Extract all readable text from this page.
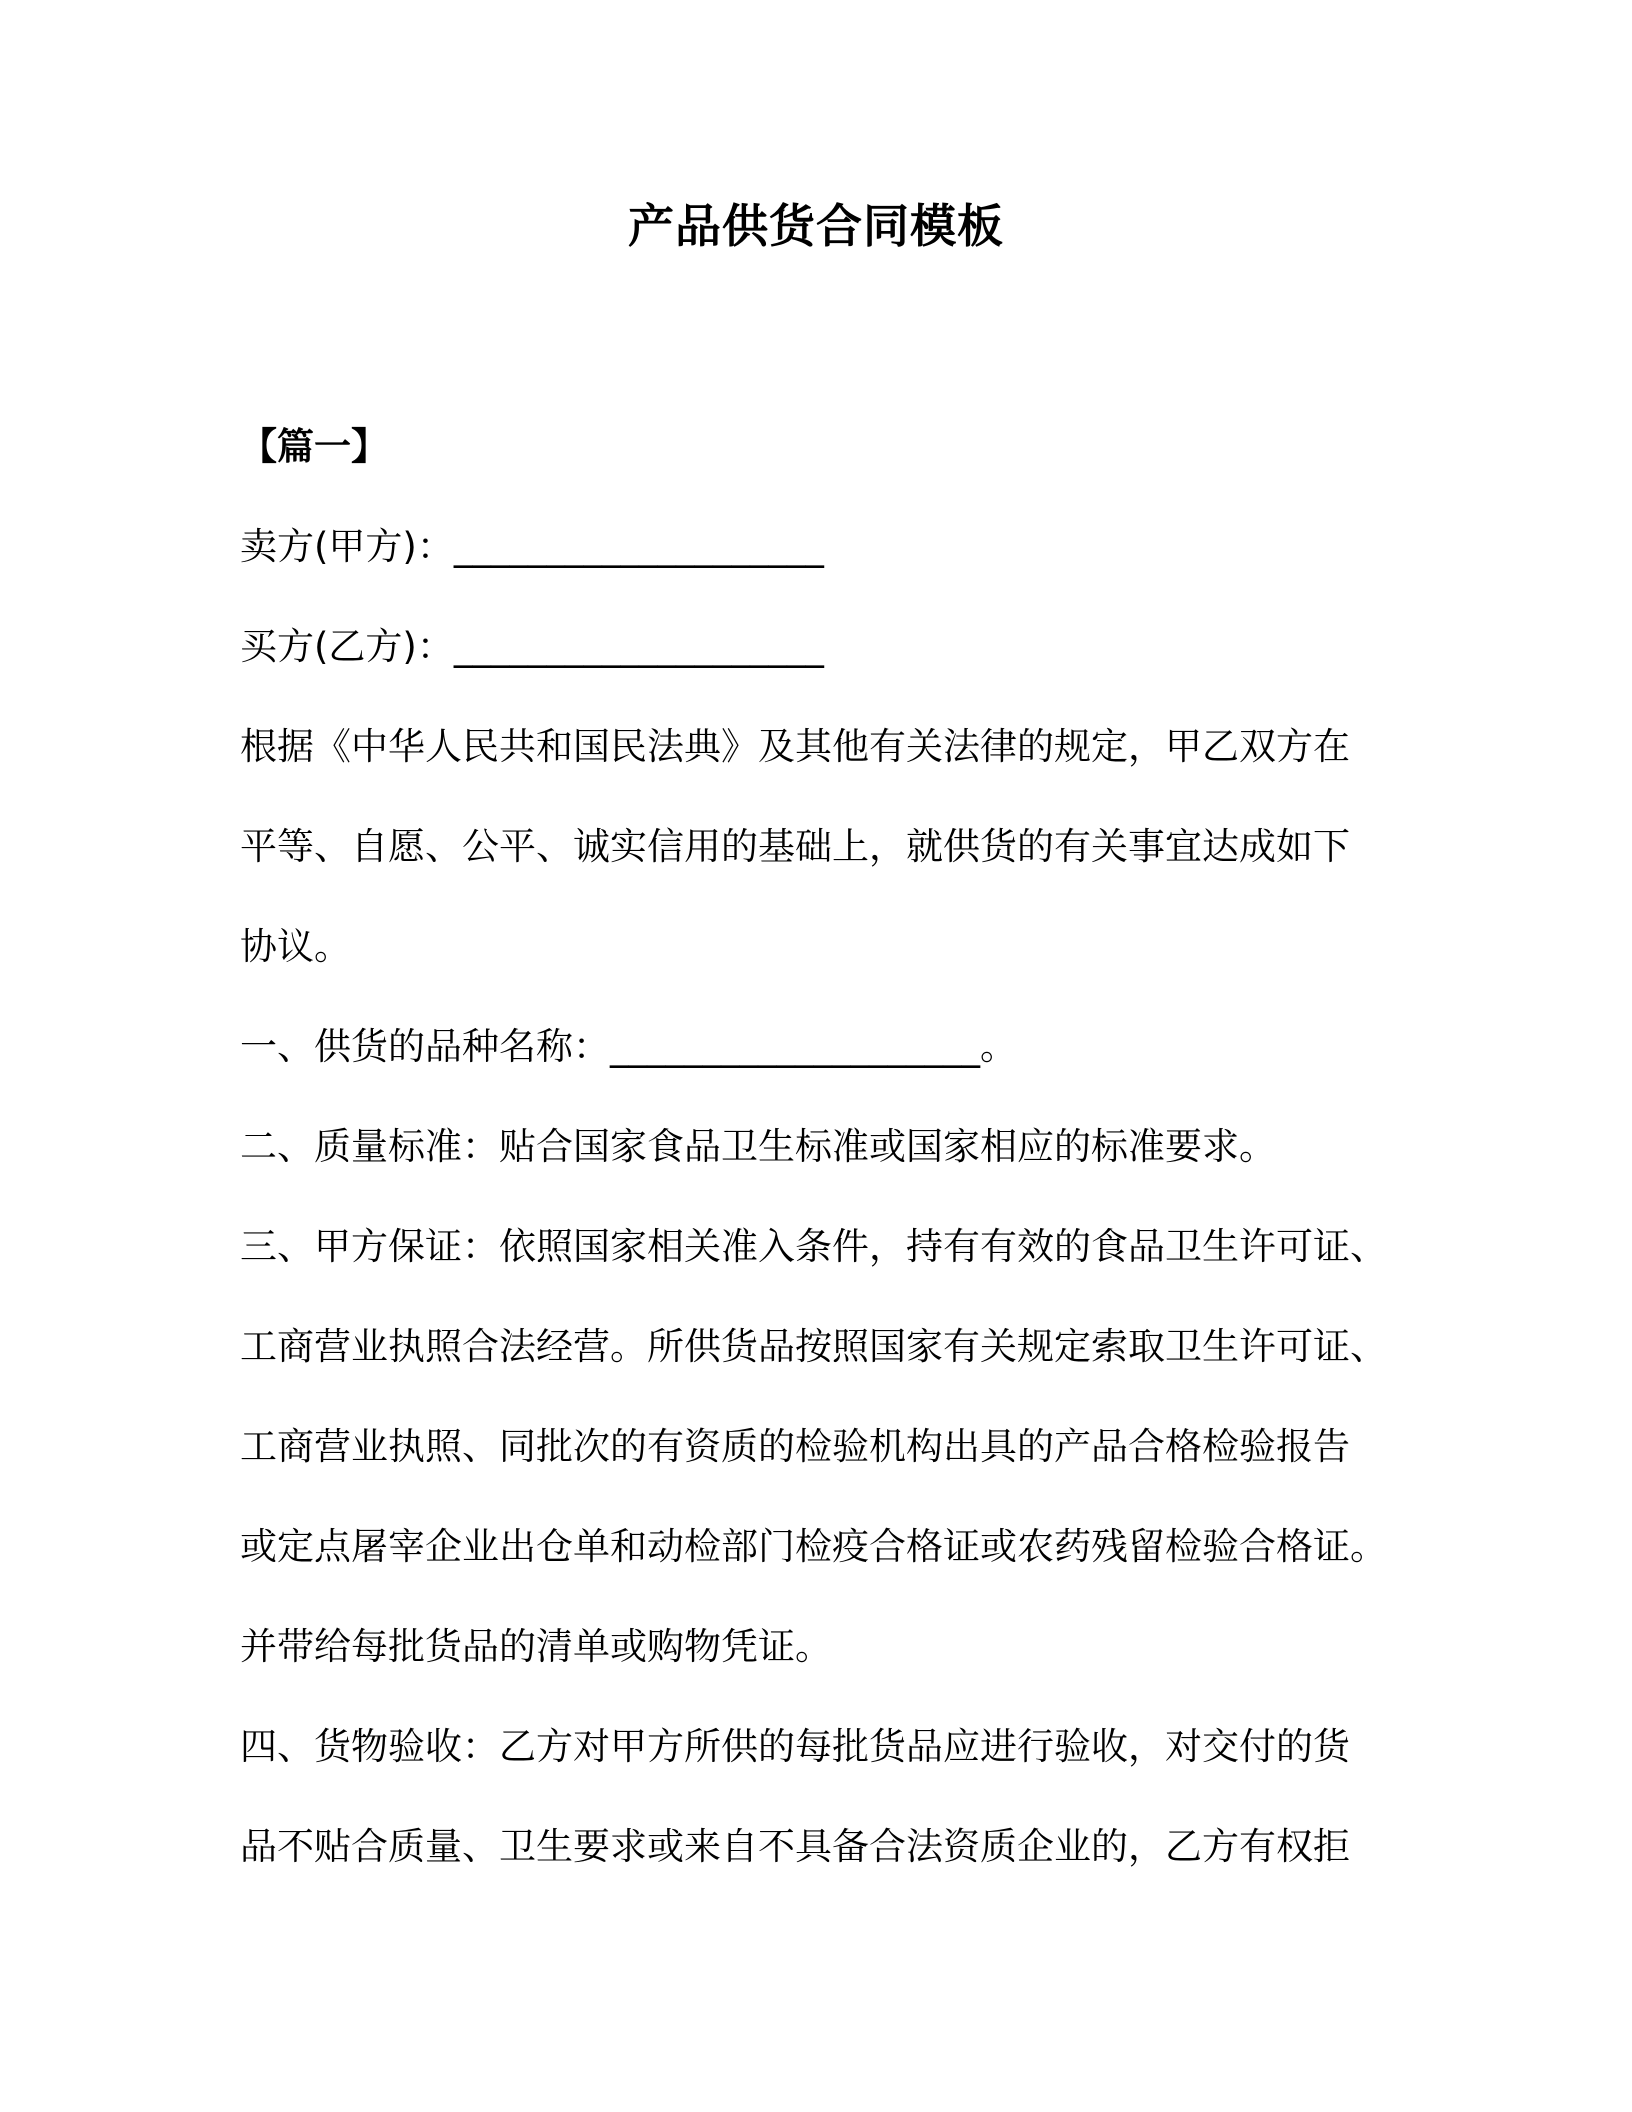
产品供货合同模板
【篇一】
卖方(甲方)：____________________
买方(乙方)：____________________
根据《中华人民共和国民法典》及其他有关法律的规定，甲乙双方在
平等、自愿、公平、诚实信用的基础上，就供货的有关事宜达成如下
协议。
一、供货的品种名称：____________________。
二、质量标准：贴合国家食品卫生标准或国家相应的标准要求。
三、甲方保证：依照国家相关准入条件，持有有效的食品卫生许可证、
工商营业执照合法经营。所供货品按照国家有关规定索取卫生许可证、
工商营业执照、同批次的有资质的检验机构出具的产品合格检验报告
或定点屠宰企业出仓单和动检部门检疫合格证或农药残留检验合格证。
并带给每批货品的清单或购物凭证。
四、货物验收：乙方对甲方所供的每批货品应进行验收，对交付的货
品不贴合质量、卫生要求或来自不具备合法资质企业的，乙方有权拒
